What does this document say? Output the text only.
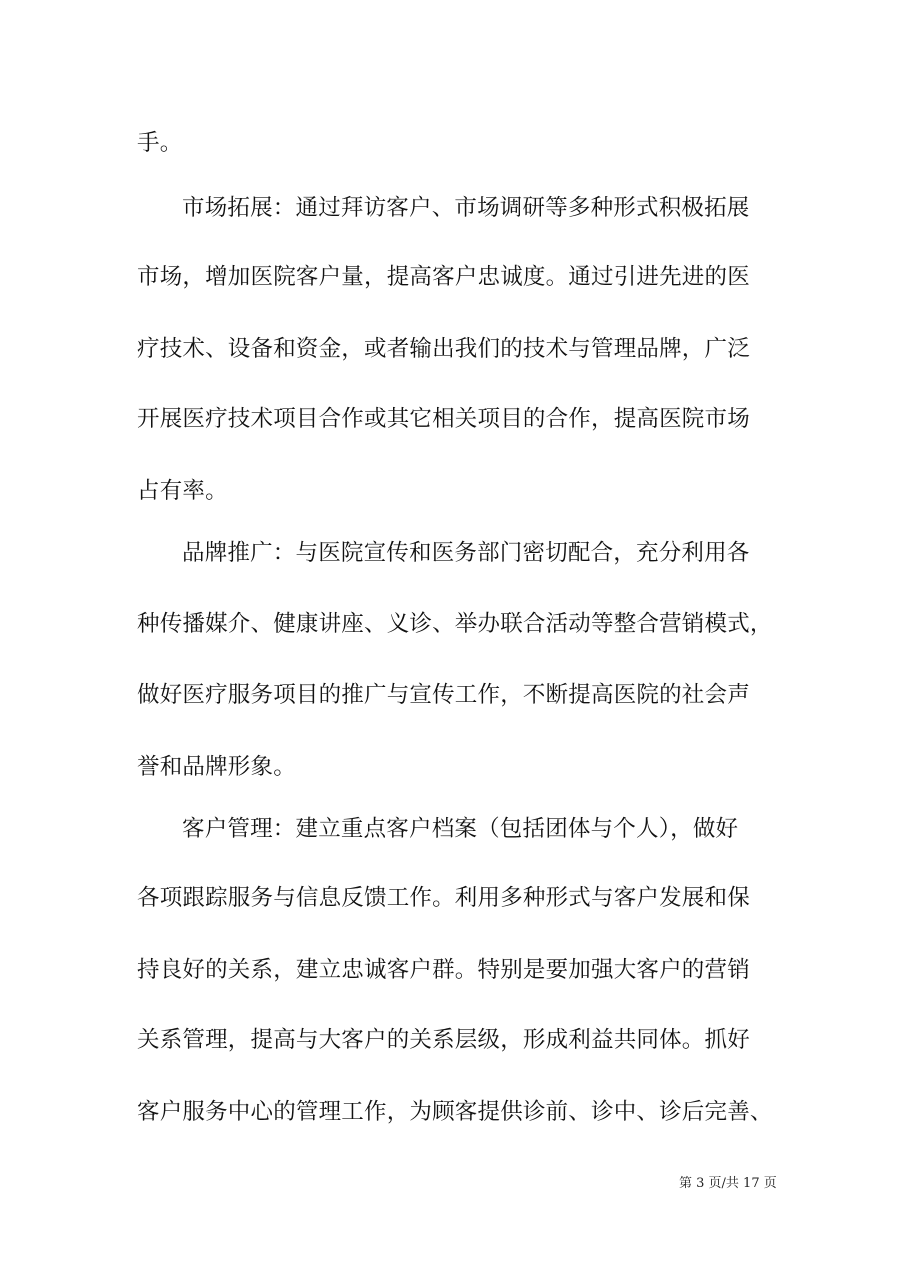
手。
市场拓展：通过拜访客户、市场调研等多种形式积极拓展
市场，增加医院客户量，提高客户忠诚度。通过引进先进的医
疗技术、设备和资金，或者输出我们的技术与管理品牌，广泛
开展医疗技术项目合作或其它相关项目的合作，提高医院市场
占有率。
品牌推广：与医院宣传和医务部门密切配合，充分利用各
种传播媒介、健康讲座、义诊、举办联合活动等整合营销模式，
做好医疗服务项目的推广与宣传工作，不断提高医院的社会声
誉和品牌形象。
客户管理：建立重点客户档案（包括团体与个人），做好
各项跟踪服务与信息反馈工作。利用多种形式与客户发展和保
持良好的关系，建立忠诚客户群。特别是要加强大客户的营销
关系管理，提高与大客户的关系层级，形成利益共同体。抓好
客户服务中心的管理工作，为顾客提供诊前、诊中、诊后完善、
第 3 页/共 17 页
